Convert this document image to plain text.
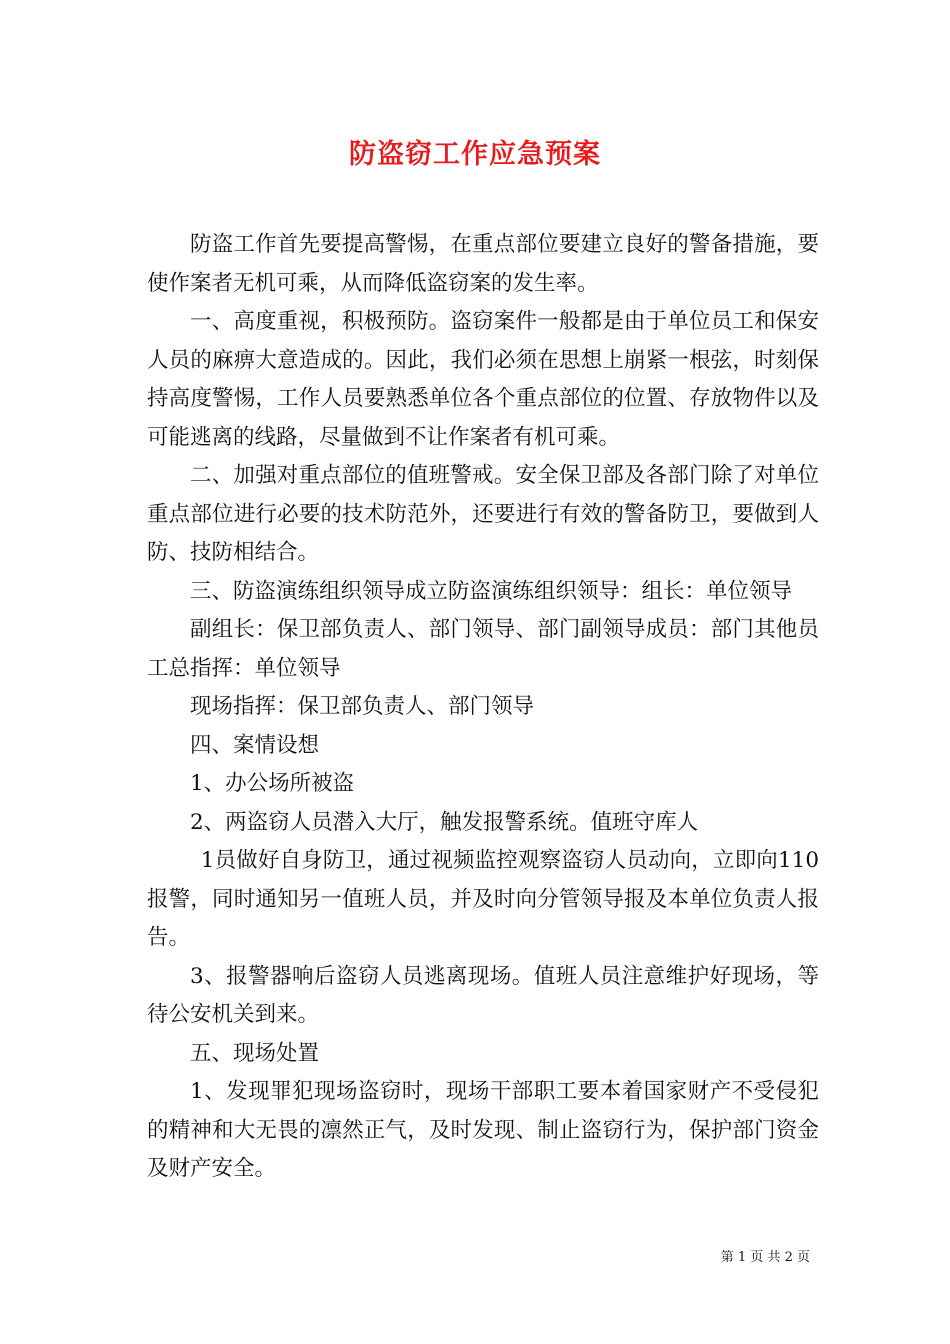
防盗窃工作应急预案

防盗工作首先要提高警惕，在重点部位要建立良好的警备措施，要使作案者无机可乘，从而降低盗窃案的发生率。

一、高度重视，积极预防。盗窃案件一般都是由于单位员工和保安人员的麻痹大意造成的。因此，我们必须在思想上崩紧一根弦，时刻保持高度警惕，工作人员要熟悉单位各个重点部位的位置、存放物件以及可能逃离的线路，尽量做到不让作案者有机可乘。

二、加强对重点部位的值班警戒。安全保卫部及各部门除了对单位重点部位进行必要的技术防范外，还要进行有效的警备防卫，要做到人防、技防相结合。

三、防盗演练组织领导成立防盗演练组织领导：组长：单位领导

副组长：保卫部负责人、部门领导、部门副领导成员：部门其他员工总指挥：单位领导

现场指挥：保卫部负责人、部门领导

四、案情设想

1、办公场所被盗

2、两盗窃人员潜入大厅，触发报警系统。值班守库人

1员做好自身防卫，通过视频监控观察盗窃人员动向，立即向110报警，同时通知另一值班人员，并及时向分管领导报及本单位负责人报告。

3、报警器响后盗窃人员逃离现场。值班人员注意维护好现场，等待公安机关到来。

五、现场处置

1、发现罪犯现场盗窃时，现场干部职工要本着国家财产不受侵犯的精神和大无畏的凛然正气，及时发现、制止盗窃行为，保护部门资金及财产安全。

第 1 页 共 2 页
